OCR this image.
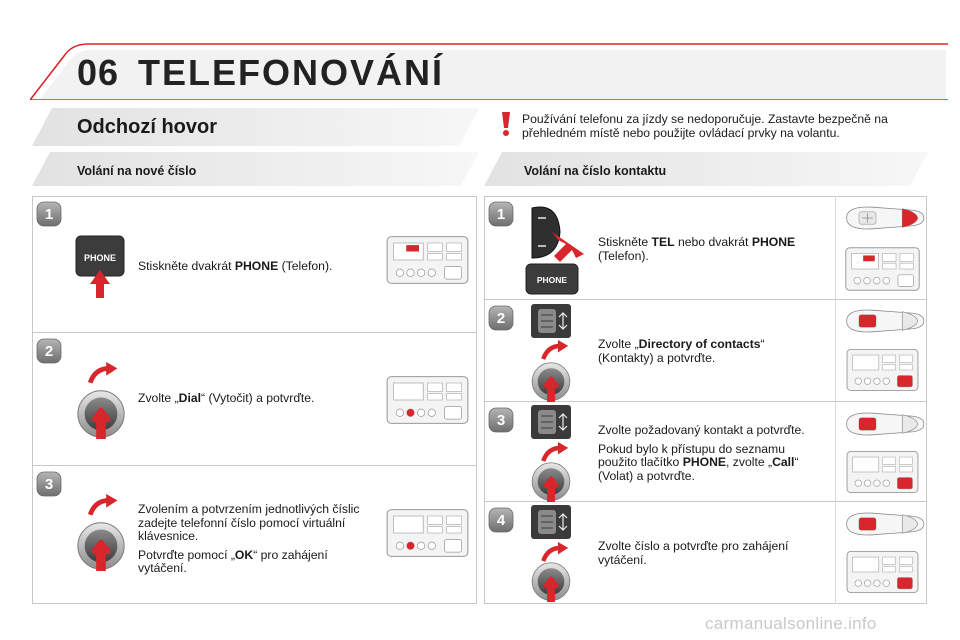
06 TELEFONOVÁNÍ
Odchozí hovor	Používání telefonu za jízdy se nedoporučuje. Zastavte bezpečně na přehledném místě nebo použijte ovládací prvky na volantu.
Volání na nové číslo	Volání na číslo kontaktu
1
PHONE
Stiskněte dvakrát PHONE (Telefon).
2
Zvolte „Dial“ (Vytočit) a potvrďte.
3

Zvolením a potvrzením jednotlivých číslic zadejte telefonní číslo pomocí virtuální klávesnice.

Potvrďte pomocí „OK“ pro zahájení vytáčení.

1
PHONE
Stiskněte TEL nebo dvakrát PHONE (Telefon).
2
Zvolte „Directory of contacts“ (Kontakty) a potvrďte.
3

Zvolte požadovaný kontakt a potvrďte.

Pokud bylo k přístupu do seznamu použito tlačítko PHONE, zvolte „Call“ (Volat) a potvrďte.

4
Zvolte číslo a potvrďte pro zahájení vytáčení.
carmanualsonline.info
